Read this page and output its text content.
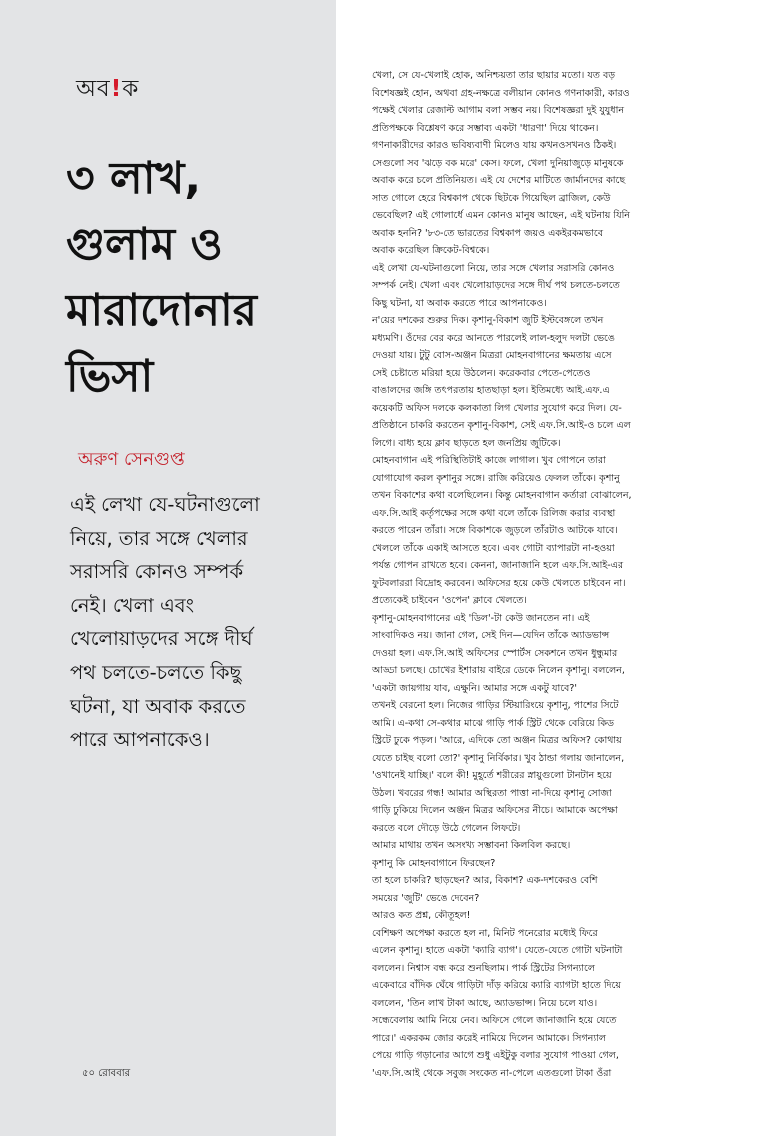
অব!ক
৩ লাখ,
গুলাম ও
মারাদোনার
ভিসা
অরুণ সেনগুপ্ত
এই লেখা যে-ঘটনাগুলো
নিয়ে, তার সঙ্গে খেলার
সরাসরি কোনও সম্পর্ক
নেই। খেলা এবং
খেলোয়াড়দের সঙ্গে দীর্ঘ
পথ চলতে-চলতে কিছু
ঘটনা, যা অবাক করতে
পারে আপনাকেও।
৫০ রোববার
খেলা, সে যে-খেলাই হোক, অনিশ্চয়তা তার ছায়ার মতো। যত বড়
বিশেষজ্ঞই হোন, অথবা গ্রহ-নক্ষত্রে বলীয়ান কোনও গণনাকারী, কারও
পক্ষেই খেলার রেজাল্ট আগাম বলা সম্ভব নয়। বিশেষজ্ঞরা দুই যুযুধান
প্রতিপক্ষকে বিশ্লেষণ করে সম্ভাব্য একটা 'ধারণা' দিয়ে থাকেন।
গণনাকারীদের কারও ভবিষ্যবাণী মিলেও যায় কখনওসখনও ঠিকই।
সেগুলো সব 'ঝড়ে বক মরে' কেস। ফলে, খেলা দুনিয়াজুড়ে মানুষকে
অবাক করে চলে প্রতিনিয়ত। এই যে দেশের মাটিতে জার্মানদের কাছে
সাত গোলে হেরে বিশ্বকাপ থেকে ছিটকে গিয়েছিল ব্রাজিল, কেউ
ভেবেছিল? এই গোলার্ধে এমন কোনও মানুষ আছেন, এই ঘটনায় যিনি
অবাক হননি? '৮৩-তে ভারতের বিশ্বকাপ জয়ও একইরকমভাবে
অবাক করেছিল ক্রিকেট-বিশ্বকে।
এই লেখা যে-ঘটনাগুলো নিয়ে, তার সঙ্গে খেলার সরাসরি কোনও
সম্পর্ক নেই। খেলা এবং খেলোয়াড়দের সঙ্গে দীর্ঘ পথ চলতে-চলতে
কিছু ঘটনা, যা অবাক করতে পারে আপনাকেও।
ন'য়ের দশকের শুরুর দিক। কৃশানু-বিকাশ জুটি ইস্টবেঙ্গলে তখন
মধ্যমণি। ওঁদের বের করে আনতে পারলেই লাল-হলুদ দলটা ভেঙে
দেওয়া যায়। টুটু বোস-অঞ্জন মিত্ররা মোহনবাগানের ক্ষমতায় এসে
সেই চেষ্টাতে মরিয়া হয়ে উঠলেন। করেকবার পেতে-পেতেও
বাঙালদের জঙ্গি তৎপরতায় হাতছাড়া হল। ইতিমধ্যে আই.এফ.এ
কয়েকটি অফিস দলকে কলকাতা লিগ খেলার সুযোগ করে দিল। যে-
প্রতিষ্ঠানে চাকরি করতেন কৃশানু-বিকাশ, সেই এফ.সি.আই-ও চলে এল
লিগে। বাধ্য হয়ে ক্লাব ছাড়তে হল জনপ্রিয় জুটিকে।
মোহনবাগান এই পরিস্থিতিটাই কাজে লাগাল। খুব গোপনে তারা
যোগাযোগ করল কৃশানুর সঙ্গে। রাজি করিয়েও ফেলল তাঁকে। কৃশানু
তখন বিকাশের কথা বলেছিলেন। কিন্তু মোহনবাগান কর্তারা বোঝালেন,
এফ.সি.আই কর্তৃপক্ষের সঙ্গে কথা বলে তাঁকে রিলিজ করার ব্যবস্থা
করতে পারেন তাঁরা। সঙ্গে বিকাশকে জুড়লে তাঁরটাও আটকে যাবে।
খেললে তাঁকে একাই আসতে হবে। এবং গোটা ব্যাপারটা না-হওয়া
পর্যন্ত গোপন রাখতে হবে। কেননা, জানাজানি হলে এফ.সি.আই-এর
ফুটবলাররা বিদ্রোহ করবেন। অফিসের হয়ে কেউ খেলতে চাইবেন না।
প্রত্যেকেই চাইবেন 'ওপেন' ক্লাবে খেলতে।
কৃশানু-মোহনবাগানের এই 'ডিল'-টা কেউ জানতেন না। এই
সাংবাদিকও নয়। জানা গেল, সেই দিন—যেদিন তাঁকে অ্যাডভান্স
দেওয়া হল। এফ.সি.আই অফিসের স্পোর্টস সেকশনে তখন ধুন্ধুমার
আড্ডা চলছে। চোখের ইশারায় বাইরে ডেকে নিলেন কৃশানু। বললেন,
'একটা জায়গায় যাব, এক্ষুনি। আমার সঙ্গে একটু যাবে?'
তখনই বেরনো হল। নিজের গাড়ির স্টিয়ারিংয়ে কৃশানু, পাশের সিটে
আমি। এ-কথা সে-কথার মাঝে গাড়ি পার্ক স্ট্রিট থেকে বেরিয়ে কিড
স্ট্রিটে ঢুকে পড়ল। 'আরে, এদিকে তো অঞ্জন মিত্রর অফিস? কোথায়
যেতে চাইছ বলো তো?' কৃশানু নির্বিকার। খুব ঠান্ডা গলায় জানালেন,
'ওখানেই যাচ্ছি।' বলে কী! মুহূর্তে শরীরের স্নায়ুগুলো টানটান হয়ে
উঠল। খবরের গন্ধ! আমার অস্থিরতা পাত্তা না-দিয়ে কৃশানু সোজা
গাড়ি ঢুকিয়ে দিলেন অঞ্জন মিত্রর অফিসের নীচে। আমাকে অপেক্ষা
করতে বলে দৌড়ে উঠে গেলেন লিফটে।
আমার মাথায় তখন অসংখ্য সম্ভাবনা কিলবিল করছে।
কৃশানু কি মোহনবাগানে ফিরছেন?
তা হলে চাকরি? ছাড়ছেন? আর, বিকাশ? এক-দশকেরও বেশি
সময়ের 'জুটি' ভেঙে দেবেন?
আরও কত প্রশ্ন, কৌতূহল!
বেশিক্ষণ অপেক্ষা করতে হল না, মিনিট পনেরোর মধ্যেই ফিরে
এলেন কৃশানু। হাতে একটা 'ক্যারি ব্যাগ'। যেতে-যেতে গোটা ঘটনাটা
বললেন। নিশ্বাস বন্ধ করে শুনছিলাম। পার্ক স্ট্রিটের সিগন্যালে
একেবারে বাঁদিক ঘেঁষে গাড়িটা দাঁড় করিয়ে ক্যারি ব্যাগটা হাতে দিয়ে
বললেন, 'তিন লাখ টাকা আছে, অ্যাডভান্স। নিয়ে চলে যাও।
সন্ধেবেলায় আমি নিয়ে নেব। অফিসে গেলে জানাজানি হয়ে যেতে
পারে।' একরকম জোর করেই নামিয়ে দিলেন আমাকে। সিগন্যাল
পেয়ে গাড়ি গড়ানোর আগে শুধু এইটুকু বলার সুযোগ পাওয়া গেল,
'এফ.সি.আই থেকে সবুজ সংকেত না-পেলে এতগুলো টাকা ওঁরা
